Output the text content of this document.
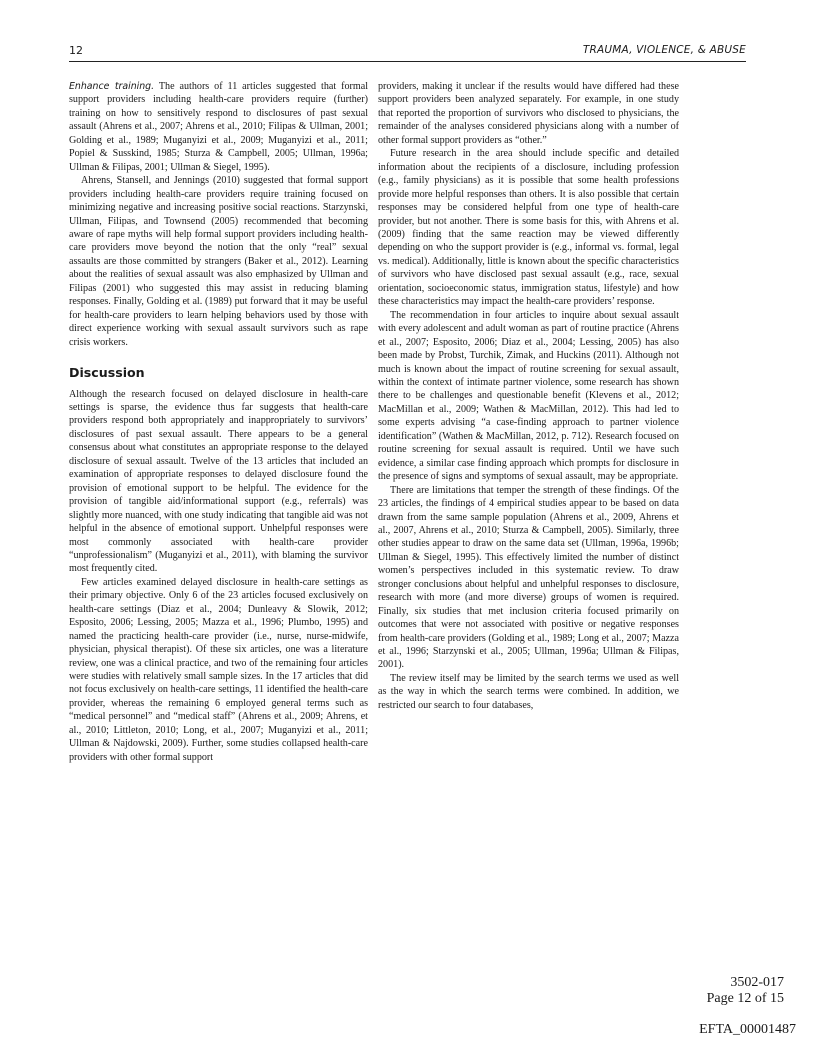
12	TRAUMA, VIOLENCE, & ABUSE

Enhance training. The authors of 11 articles suggested that formal support providers including health-care providers require (further) training on how to sensitively respond to disclosures of past sexual assault (Ahrens et al., 2007; Ahrens et al., 2010; Filipas & Ullman, 2001; Golding et al., 1989; Muganyizi et al., 2009; Muganyizi et al., 2011; Popiel & Susskind, 1985; Sturza & Campbell, 2005; Ullman, 1996a; Ullman & Filipas, 2001; Ullman & Siegel, 1995).

Ahrens, Stansell, and Jennings (2010) suggested that formal support providers including health-care providers require training focused on minimizing negative and increasing positive social reactions. Starzynski, Ullman, Filipas, and Townsend (2005) recommended that becoming aware of rape myths will help formal support providers including health-care providers move beyond the notion that the only “real” sexual assaults are those committed by strangers (Baker et al., 2012). Learning about the realities of sexual assault was also emphasized by Ullman and Filipas (2001) who suggested this may assist in reducing blaming responses. Finally, Golding et al. (1989) put forward that it may be useful for health-care providers to learn helping behaviors used by those with direct experience working with sexual assault survivors such as rape crisis workers.

Discussion

Although the research focused on delayed disclosure in health-care settings is sparse, the evidence thus far suggests that health-care providers respond both appropriately and inappropriately to survivors’ disclosures of past sexual assault. There appears to be a general consensus about what constitutes an appropriate response to the delayed disclosure of sexual assault. Twelve of the 13 articles that included an examination of appropriate responses to delayed disclosure found the provision of emotional support to be helpful. The evidence for the provision of tangible aid/informational support (e.g., referrals) was slightly more nuanced, with one study indicating that tangible aid was not helpful in the absence of emotional support. Unhelpful responses were most commonly associated with health-care provider “unprofessionalism” (Muganyizi et al., 2011), with blaming the survivor most frequently cited.

Few articles examined delayed disclosure in health-care settings as their primary objective. Only 6 of the 23 articles focused exclusively on health-care settings (Diaz et al., 2004; Dunleavy & Slowik, 2012; Esposito, 2006; Lessing, 2005; Mazza et al., 1996; Plumbo, 1995) and named the practicing health-care provider (i.e., nurse, nurse-midwife, physician, physical therapist). Of these six articles, one was a literature review, one was a clinical practice, and two of the remaining four articles were studies with relatively small sample sizes. In the 17 articles that did not focus exclusively on health-care settings, 11 identified the health-care provider, whereas the remaining 6 employed general terms such as “medical personnel” and “medical staff” (Ahrens et al., 2009; Ahrens, et al., 2010; Littleton, 2010; Long, et al., 2007; Muganyizi et al., 2011; Ullman & Najdowski, 2009). Further, some studies collapsed health-care providers with other formal support

providers, making it unclear if the results would have differed had these support providers been analyzed separately. For example, in one study that reported the proportion of survivors who disclosed to physicians, the remainder of the analyses considered physicians along with a number of other formal support providers as “other.”

Future research in the area should include specific and detailed information about the recipients of a disclosure, including profession (e.g., family physicians) as it is possible that some health professions provide more helpful responses than others. It is also possible that certain responses may be considered helpful from one type of health-care provider, but not another. There is some basis for this, with Ahrens et al. (2009) finding that the same reaction may be viewed differently depending on who the support provider is (e.g., informal vs. formal, legal vs. medical). Additionally, little is known about the specific characteristics of survivors who have disclosed past sexual assault (e.g., race, sexual orientation, socioeconomic status, immigration status, lifestyle) and how these characteristics may impact the health-care providers’ response.

The recommendation in four articles to inquire about sexual assault with every adolescent and adult woman as part of routine practice (Ahrens et al., 2007; Esposito, 2006; Diaz et al., 2004; Lessing, 2005) has also been made by Probst, Turchik, Zimak, and Huckins (2011). Although not much is known about the impact of routine screening for sexual assault, within the context of intimate partner violence, some research has shown there to be challenges and questionable benefit (Klevens et al., 2012; MacMillan et al., 2009; Wathen & MacMillan, 2012). This had led to some experts advising “a case-finding approach to partner violence identification” (Wathen & MacMillan, 2012, p. 712). Research focused on routine screening for sexual assault is required. Until we have such evidence, a similar case finding approach which prompts for disclosure in the presence of signs and symptoms of sexual assault, may be appropriate.

There are limitations that temper the strength of these findings. Of the 23 articles, the findings of 4 empirical studies appear to be based on data drawn from the same sample population (Ahrens et al., 2009, Ahrens et al., 2007, Ahrens et al., 2010; Sturza & Campbell, 2005). Similarly, three other studies appear to draw on the same data set (Ullman, 1996a, 1996b; Ullman & Siegel, 1995). This effectively limited the number of distinct women’s perspectives included in this systematic review. To draw stronger conclusions about helpful and unhelpful responses to disclosure, research with more (and more diverse) groups of women is required. Finally, six studies that met inclusion criteria focused primarily on outcomes that were not associated with positive or negative responses from health-care providers (Golding et al., 1989; Long et al., 2007; Mazza et al., 1996; Starzynski et al., 2005; Ullman, 1996a; Ullman & Filipas, 2001).

The review itself may be limited by the search terms we used as well as the way in which the search terms were combined. In addition, we restricted our search to four databases,

3502-017
Page 12 of 15
EFTA_00001487
